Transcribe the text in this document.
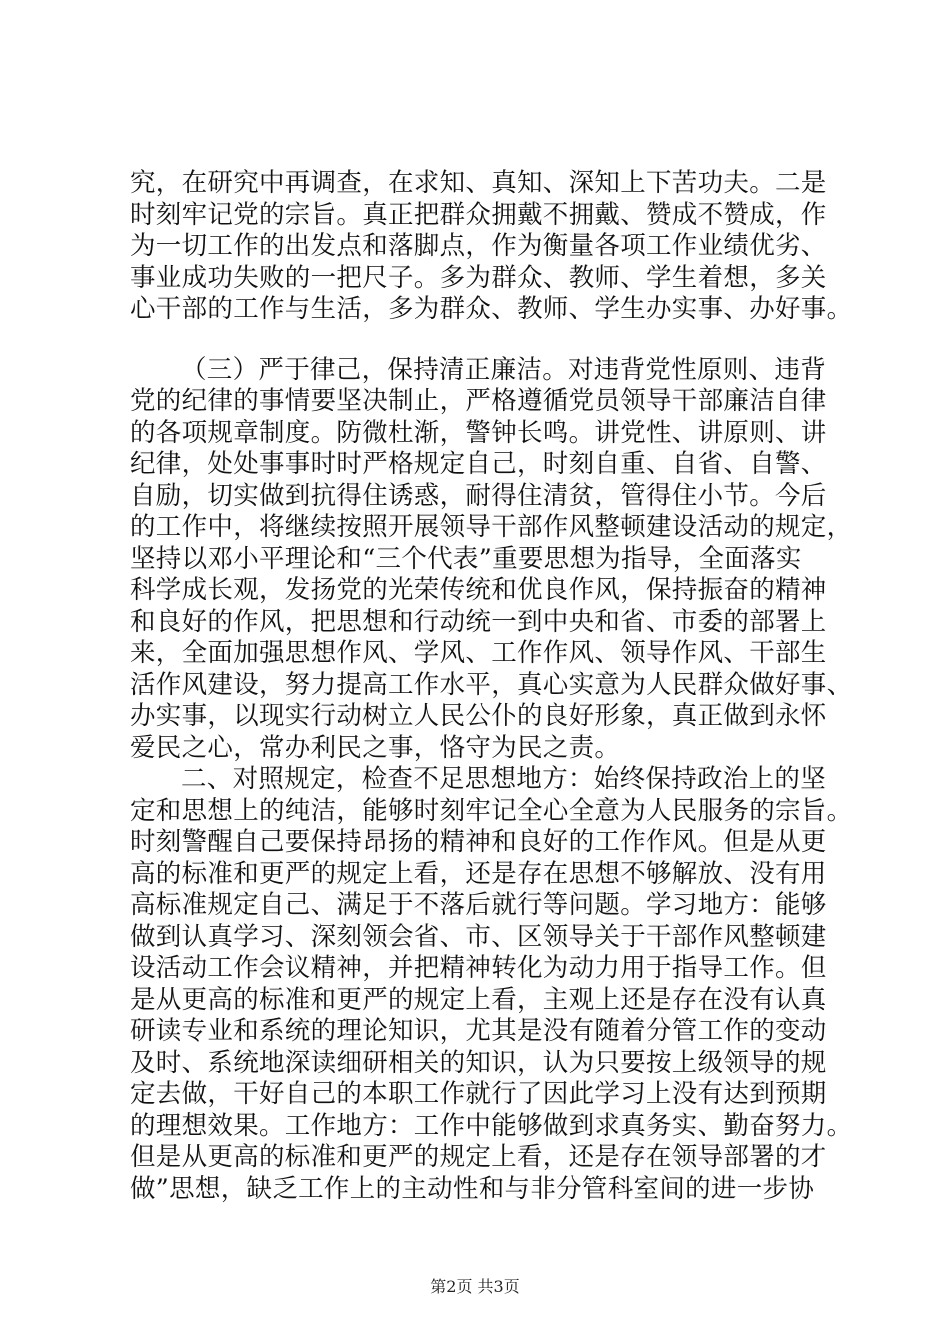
究，在研究中再调查，在求知、真知、深知上下苦功夫。二是
时刻牢记党的宗旨。真正把群众拥戴不拥戴、赞成不赞成，作
为一切工作的出发点和落脚点，作为衡量各项工作业绩优劣、
事业成功失败的一把尺子。多为群众、教师、学生着想，多关
心干部的工作与生活，多为群众、教师、学生办实事、办好事。
（三）严于律己，保持清正廉洁。对违背党性原则、违背
党的纪律的事情要坚决制止，严格遵循党员领导干部廉洁自律
的各项规章制度。防微杜渐，警钟长鸣。讲党性、讲原则、讲
纪律，处处事事时时严格规定自己，时刻自重、自省、自警、
自励，切实做到抗得住诱惑，耐得住清贫，管得住小节。今后
的工作中，将继续按照开展领导干部作风整顿建设活动的规定，
坚持以邓小平理论和“三个代表”重要思想为指导，全面落实
科学成长观，发扬党的光荣传统和优良作风，保持振奋的精神
和良好的作风，把思想和行动统一到中央和省、市委的部署上
来，全面加强思想作风、学风、工作作风、领导作风、干部生
活作风建设，努力提高工作水平，真心实意为人民群众做好事、
办实事，以现实行动树立人民公仆的良好形象，真正做到永怀
爱民之心，常办利民之事，恪守为民之责。
二、对照规定，检查不足思想地方：始终保持政治上的坚
定和思想上的纯洁，能够时刻牢记全心全意为人民服务的宗旨。
时刻警醒自己要保持昂扬的精神和良好的工作作风。但是从更
高的标准和更严的规定上看，还是存在思想不够解放、没有用
高标准规定自己、满足于不落后就行等问题。学习地方：能够
做到认真学习、深刻领会省、市、区领导关于干部作风整顿建
设活动工作会议精神，并把精神转化为动力用于指导工作。但
是从更高的标准和更严的规定上看，主观上还是存在没有认真
研读专业和系统的理论知识，尤其是没有随着分管工作的变动
及时、系统地深读细研相关的知识，认为只要按上级领导的规
定去做，干好自己的本职工作就行了因此学习上没有达到预期
的理想效果。工作地方：工作中能够做到求真务实、勤奋努力。
但是从更高的标准和更严的规定上看，还是存在领导部署的才
做”思想，缺乏工作上的主动性和与非分管科室间的进一步协
第2页 共3页
